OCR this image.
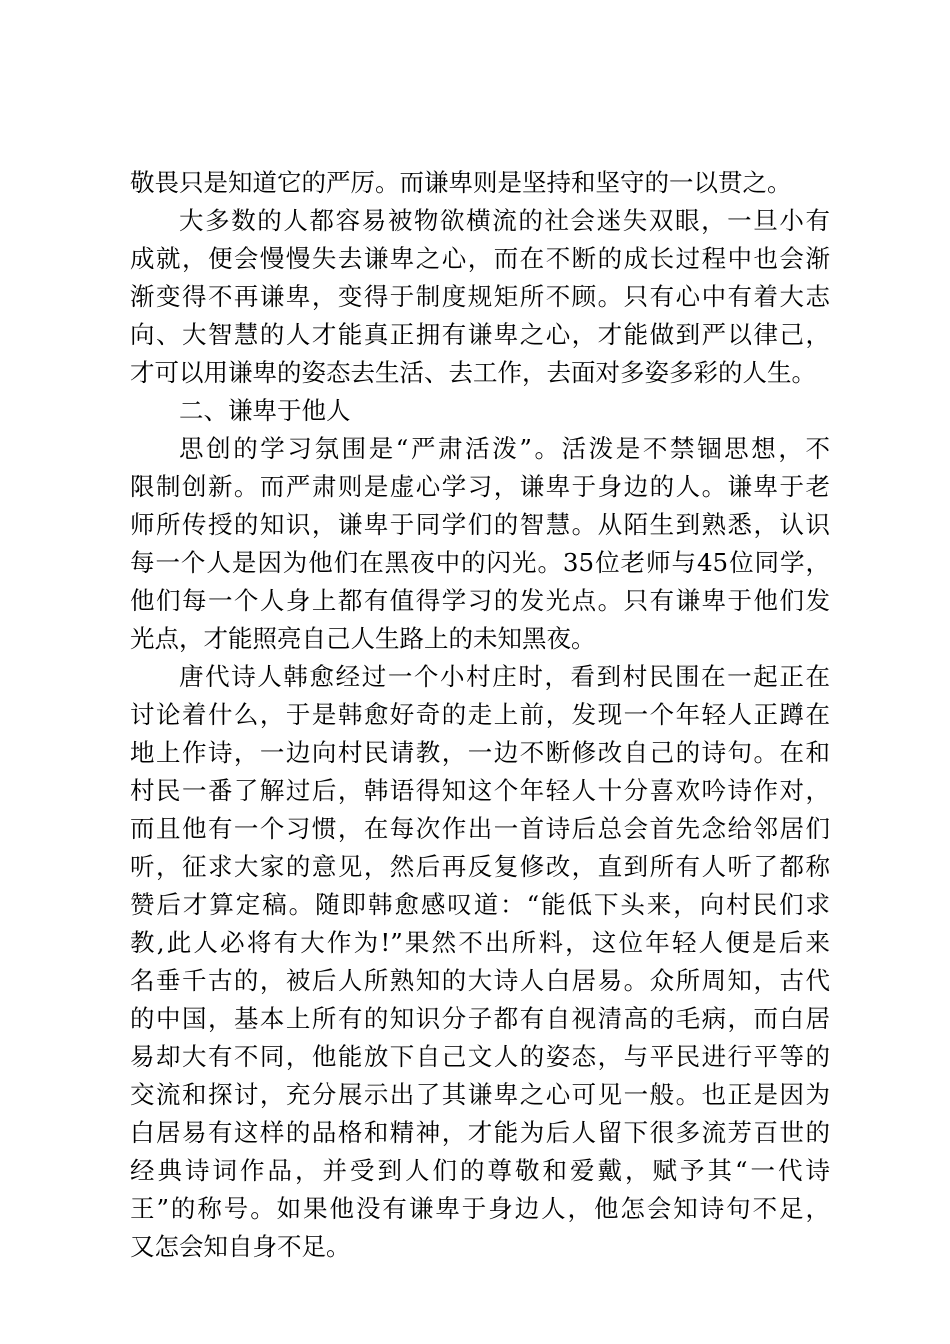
敬畏只是知道它的严厉。而谦卑则是坚持和坚守的一以贯之。
大多数的人都容易被物欲横流的社会迷失双眼，一旦小有
成就，便会慢慢失去谦卑之心，而在不断的成长过程中也会渐
渐变得不再谦卑，变得于制度规矩所不顾。只有心中有着大志
向、大智慧的人才能真正拥有谦卑之心，才能做到严以律己，
才可以用谦卑的姿态去生活、去工作，去面对多姿多彩的人生。
二、谦卑于他人
思创的学习氛围是“严肃活泼”。活泼是不禁锢思想，不
限制创新。而严肃则是虚心学习，谦卑于身边的人。谦卑于老
师所传授的知识，谦卑于同学们的智慧。从陌生到熟悉，认识
每一个人是因为他们在黑夜中的闪光。35位老师与45位同学，
他们每一个人身上都有值得学习的发光点。只有谦卑于他们发
光点，才能照亮自己人生路上的未知黑夜。
唐代诗人韩愈经过一个小村庄时，看到村民围在一起正在
讨论着什么，于是韩愈好奇的走上前，发现一个年轻人正蹲在
地上作诗，一边向村民请教，一边不断修改自己的诗句。在和
村民一番了解过后，韩语得知这个年轻人十分喜欢吟诗作对，
而且他有一个习惯，在每次作出一首诗后总会首先念给邻居们
听，征求大家的意见，然后再反复修改，直到所有人听了都称
赞后才算定稿。随即韩愈感叹道：“能低下头来，向村民们求
教,此人必将有大作为!”果然不出所料，这位年轻人便是后来
名垂千古的，被后人所熟知的大诗人白居易。众所周知，古代
的中国，基本上所有的知识分子都有自视清高的毛病，而白居
易却大有不同，他能放下自己文人的姿态，与平民进行平等的
交流和探讨，充分展示出了其谦卑之心可见一般。也正是因为
白居易有这样的品格和精神，才能为后人留下很多流芳百世的
经典诗词作品，并受到人们的尊敬和爱戴，赋予其“一代诗
王”的称号。如果他没有谦卑于身边人，他怎会知诗句不足，
又怎会知自身不足。
